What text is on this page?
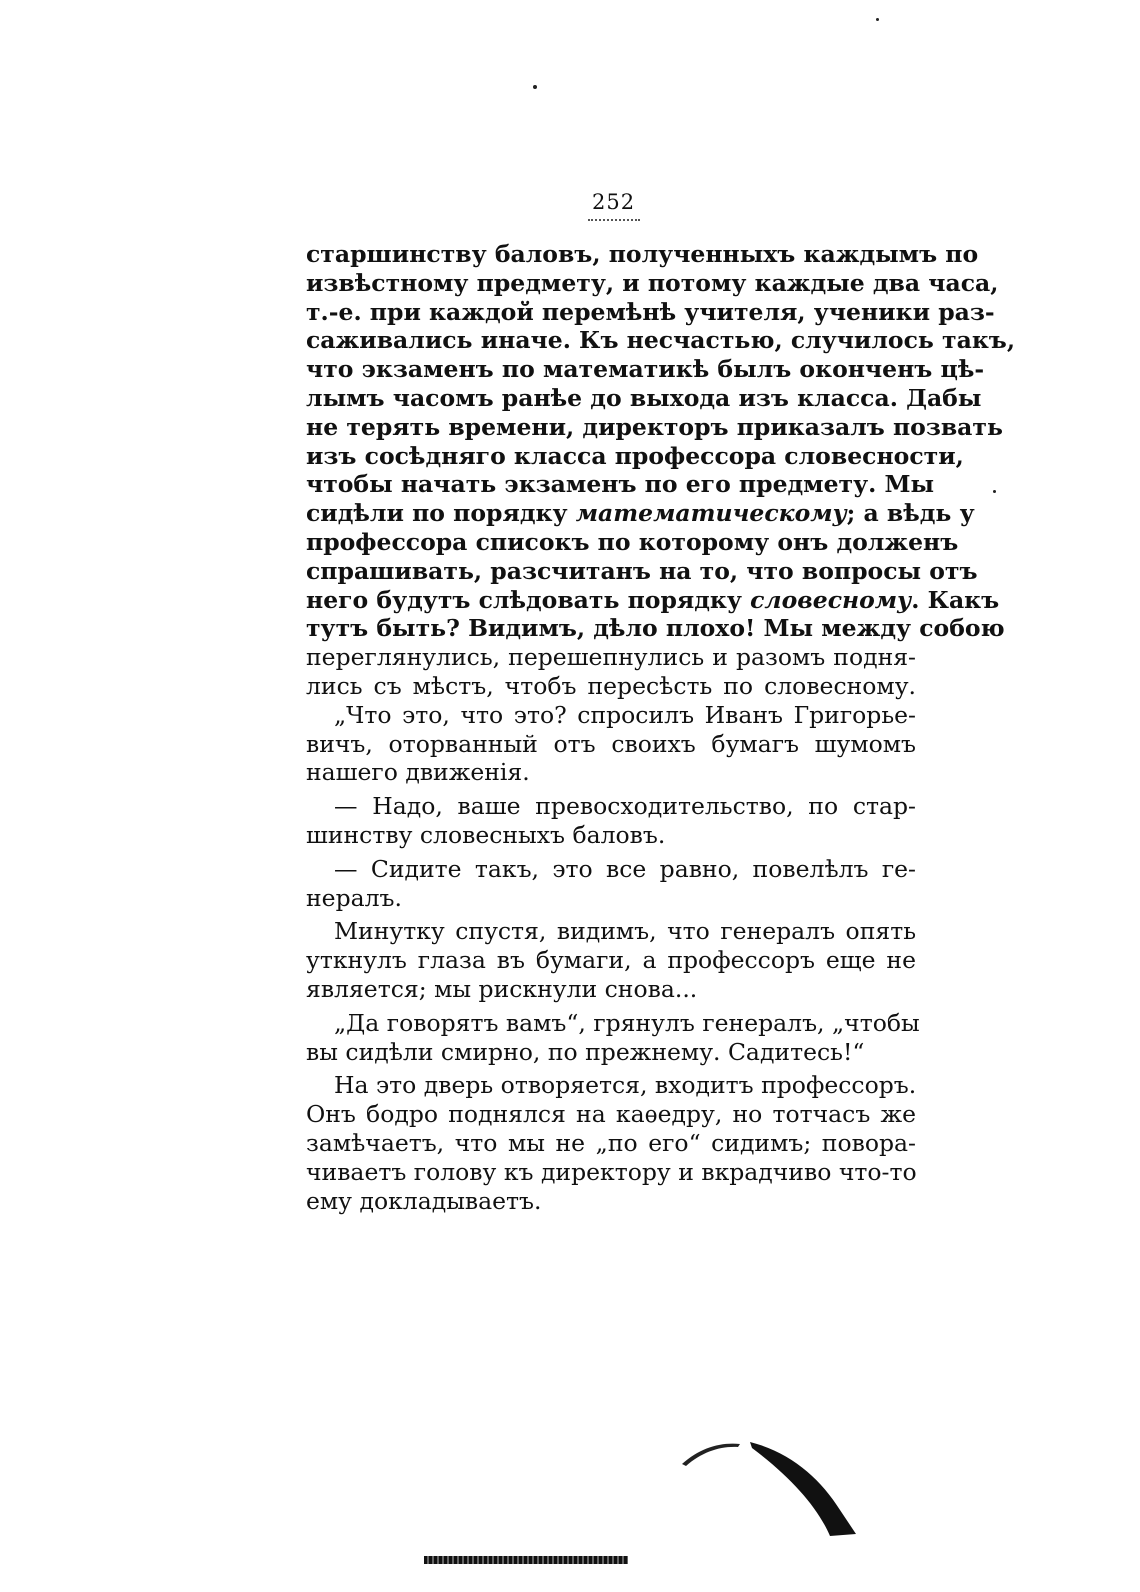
252
старшинству баловъ, полученныхъ каждымъ по
извѣстному предмету, и потому каждые два часа,
т.-е. при каждой перемѣнѣ учителя, ученики раз-
саживались иначе. Къ несчастью, случилось такъ,
что экзаменъ по математикѣ былъ оконченъ цѣ-
лымъ часомъ ранѣе до выхода изъ класса. Дабы
не терять времени, директоръ приказалъ позвать
изъ сосѣдняго класса профессора словесности,
чтобы начать экзаменъ по его предмету. Мы
сидѣли по порядку математическому; а вѣдь у
профессора списокъ по которому онъ долженъ
спрашивать, разсчитанъ на то, что вопросы отъ
него будутъ слѣдовать порядку словесному. Какъ
тутъ быть? Видимъ, дѣло плохо! Мы между собою
переглянулись, перешепнулись и разомъ подня-
лись съ мѣстъ, чтобъ пересѣсть по словесному.
„Что это, что это? спросилъ Иванъ Григорье-
вичъ, оторванный отъ своихъ бумагъ шумомъ
нашего движенія.
— Надо, ваше превосходительство, по стар-
шинству словесныхъ баловъ.
— Сидите такъ, это все равно, повелѣлъ ге-
нералъ.
Минутку спустя, видимъ, что генералъ опять
уткнулъ глаза въ бумаги, а профессоръ еще не
является; мы рискнули снова...
„Да говорятъ вамъ“, грянулъ генералъ, „чтобы
вы сидѣли смирно, по прежнему. Садитесь!“
На это дверь отворяется, входитъ профессоръ.
Онъ бодро поднялся на каѳедру, но тотчасъ же
замѣчаетъ, что мы не „по его“ сидимъ; повора-
чиваетъ голову къ директору и вкрадчиво что-то
ему докладываетъ.
